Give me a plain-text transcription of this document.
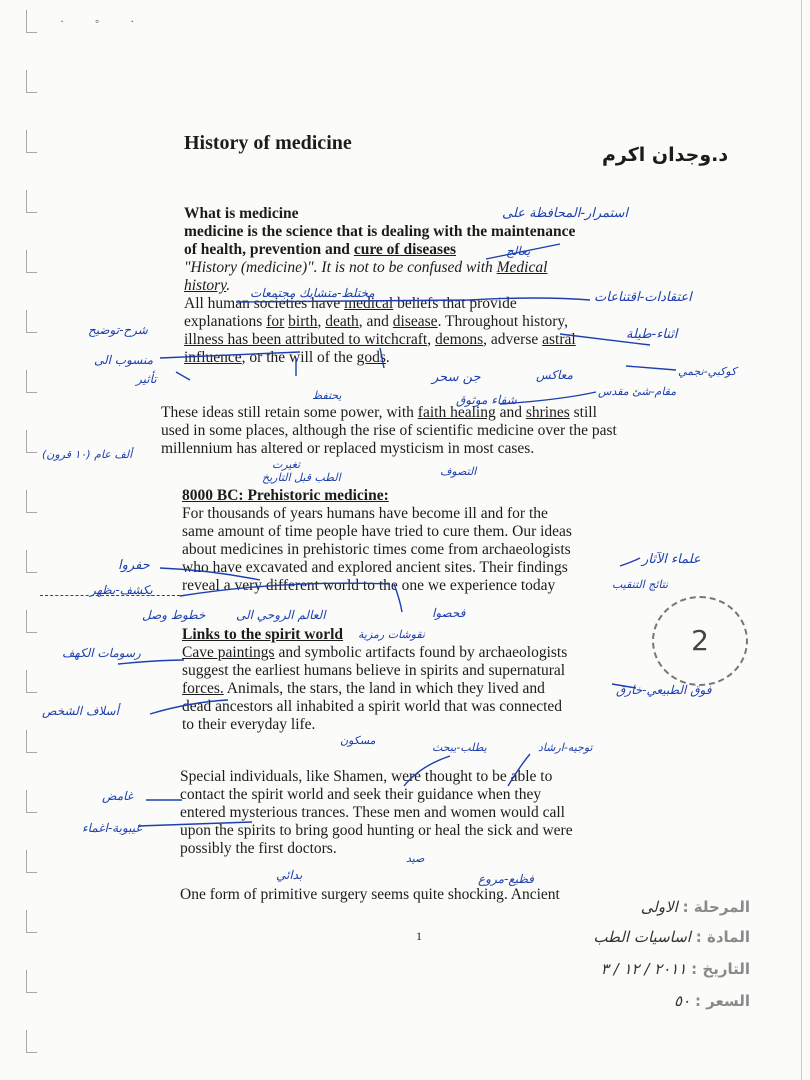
· ◦ ·
History of medicine
د.وجدان اكرم
What is medicine
medicine is the science that is dealing with the maintenance
of health, prevention and cure of diseases
"History (medicine)". It is not to be confused with Medical
history.
All human societies have medical beliefs that provide
explanations for birth, death, and disease. Throughout history,
illness has been attributed to witchcraft, demons, adverse astral
influence, or the will of the gods.
These ideas still retain some power, with faith healing and shrines still
used in some places, although the rise of scientific medicine over the past
millennium has altered or replaced mysticism in most cases.
8000 BC: Prehistoric medicine:
For thousands of years humans have become ill and for the
same amount of time people have tried to cure them. Our ideas
about medicines in prehistoric times come from archaeologists
who have excavated and explored ancient sites. Their findings
reveal a very different world to the one we experience today
Links to the spirit world
Cave paintings and symbolic artifacts found by archaeologists
suggest the earliest humans believe in spirits and supernatural
forces. Animals, the stars, the land in which they lived and
dead ancestors all inhabited a spirit world that was connected
to their everyday life.
Special individuals, like Shamen, were thought to be able to
contact the spirit world and seek their guidance when they
entered mysterious trances. These men and women would call
upon the spirits to bring good hunting or heal the sick and were
possibly the first doctors.
One form of primitive surgery seems quite shocking. Ancient
1
2
استمرار-المحافظة على
يعالج
مختلط-متشابك مجتمعات	اعتقادات-اقتناعات
اثناء-طيلة
شرح-توضيح
منسوب الى
تأثير
كوكبي-نجمي
جن سحر	معاكس
مقام-شئ مقدس
شفاء موثوق
يحتفظ
ألف عام (١٠ قرون)
تغيرت
التصوف
الطب قبل التاريخ
علماء الآثار
حفروا
نتائج التنقيب
يكشف-يظهر
فحصوا
العالم الروحي الى
خطوط وصل
نقوشات رمزية
رسومات الكهف
فوق الطبيعي-خارق
أسلاف الشخص
مسكون
يطلب-يبحث	توجيه-ارشاد
غامض
غيبوبة-اغماء
صيد
بدائي	فظيع-مروع
المرحلة : الاولى
المادة : اساسيات الطب
التاريخ : ٢٠١١ / ١٢ / ٣
السعر : ٥٠
